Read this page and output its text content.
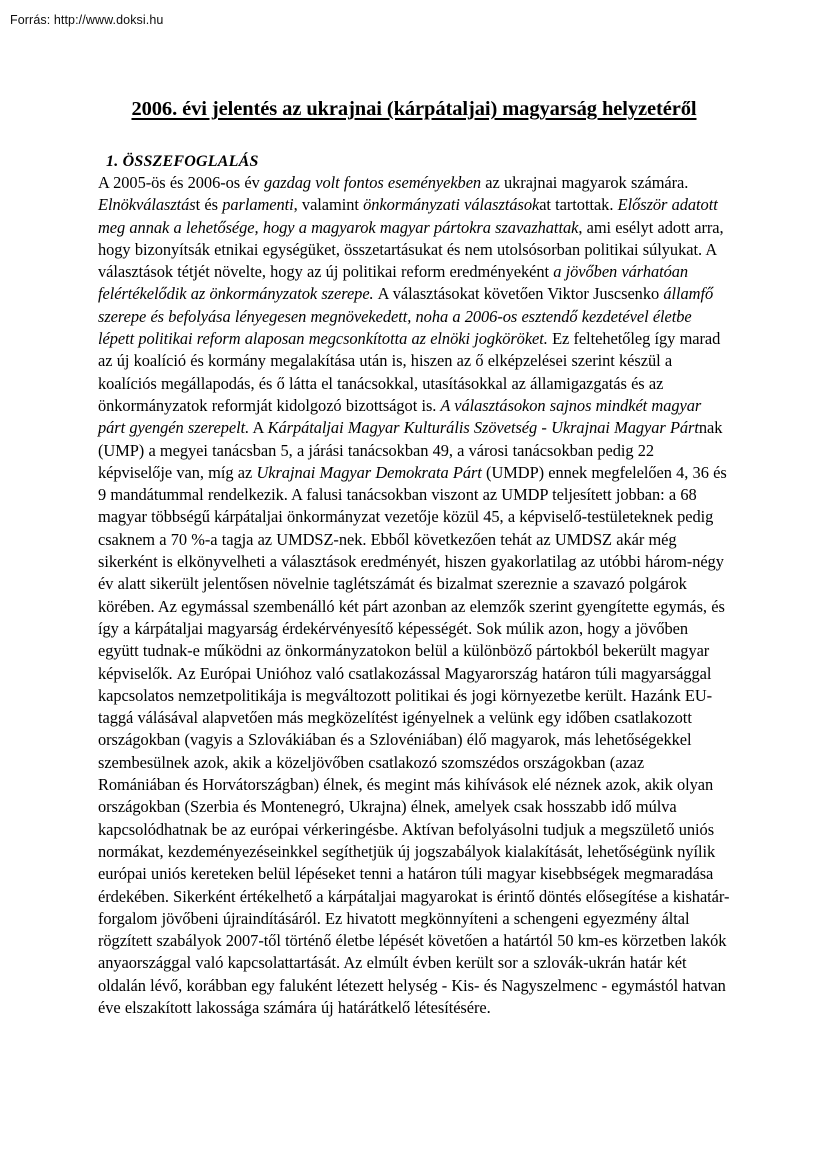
Forrás: http://www.doksi.hu
2006. évi jelentés az ukrajnai (kárpátaljai) magyarság helyzetéről
1. ÖSSZEFOGLALÁS

A 2005-ös és 2006-os év gazdag volt fontos eseményekben az ukrajnai magyarok számára. Elnökválasztást és parlamenti, valamint önkormányzati választásokat tartottak. Először adatott meg annak a lehetősége, hogy a magyarok magyar pártokra szavazhattak, ami esélyt adott arra, hogy bizonyítsák etnikai egységüket, összetartásukat és nem utolsósorban politikai súlyukat. A választások tétjét növelte, hogy az új politikai reform eredményeként a jövőben várhatóan felértékelődik az önkormányzatok szerepe.

A választásokat követően Viktor Juscsenko államfő szerepe és befolyása lényegesen megnövekedett, noha a 2006-os esztendő kezdetével életbe lépett politikai reform alaposan megcsonkította az elnöki jogköröket. Ez feltehetőleg így marad az új koalíció és kormány megalakítása után is, hiszen az ő elképzelései szerint készül a koalíciós megállapodás, és ő látta el tanácsokkal, utasításokkal az államigazgatás és az önkormányzatok reformját kidolgozó bizottságot is.

A választásokon sajnos mindkét magyar párt gyengén szerepelt. A Kárpátaljai Magyar Kulturális Szövetség - Ukrajnai Magyar Pártnak (UMP) a megyei tanácsban 5, a járási tanácsokban 49, a városi tanácsokban pedig 22 képviselője van, míg az Ukrajnai Magyar Demokrata Párt (UMDP) ennek megfelelően 4, 36 és 9 mandátummal rendelkezik. A falusi tanácsokban viszont az UMDP teljesített jobban: a 68 magyar többségű kárpátaljai önkormányzat vezetője közül 45, a képviselő-testületeknek pedig csaknem a 70 %-a tagja az UMDSZ-nek. Ebből következően tehát az UMDSZ akár még sikerként is elkönyvelheti a választások eredményét, hiszen gyakorlatilag az utóbbi három-négy év alatt sikerült jelentősen növelnie taglétszámát és bizalmat szereznie a szavazó polgárok körében. Az egymással szembenálló két párt azonban az elemzők szerint gyengítette egymás, és így a kárpátaljai magyarság érdekérvényesítő képességét. Sok múlik azon, hogy a jövőben együtt tudnak-e működni az önkormányzatokon belül a különböző pártokból bekerült magyar képviselők.

Az Európai Unióhoz való csatlakozással Magyarország határon túli magyarsággal kapcsolatos nemzetpolitikája is megváltozott politikai és jogi környezetbe került. Hazánk EU-taggá válásával alapvetően más megközelítést igényelnek a velünk egy időben csatlakozott országokban (vagyis a Szlovákiában és a Szlovéniában) élő magyarok, más lehetőségekkel szembesülnek azok, akik a közeljövőben csatlakozó szomszédos országokban (azaz Romániában és Horvátországban) élnek, és megint más kihívások elé néznek azok, akik olyan országokban (Szerbia és Montenegró, Ukrajna) élnek, amelyek csak hosszabb idő múlva kapcsolódhatnak be az európai vérkeringésbe. Aktívan befolyásolni tudjuk a megszülető uniós normákat, kezdeményezéseinkkel segíthetjük új jogszabályok kialakítását, lehetőségünk nyílik európai uniós kereteken belül lépéseket tenni a határon túli magyar kisebbségek megmaradása érdekében. Sikerként értékelhető a kárpátaljai magyarokat is érintő döntés elősegítése a kishatár-forgalom jövőbeni újraindításáról. Ez hivatott megkönnyíteni a schengeni egyezmény által rögzített szabályok 2007-től történő életbe lépését követően a határtól 50 km-es körzetben lakók anyaországgal való kapcsolattartását. Az elmúlt évben került sor a szlovák-ukrán határ két oldalán lévő, korábban egy faluként létezett helység - Kis- és Nagyszelmenc - egymástól hatvan éve elszakított lakossága számára új határátkelő létesítésére.
